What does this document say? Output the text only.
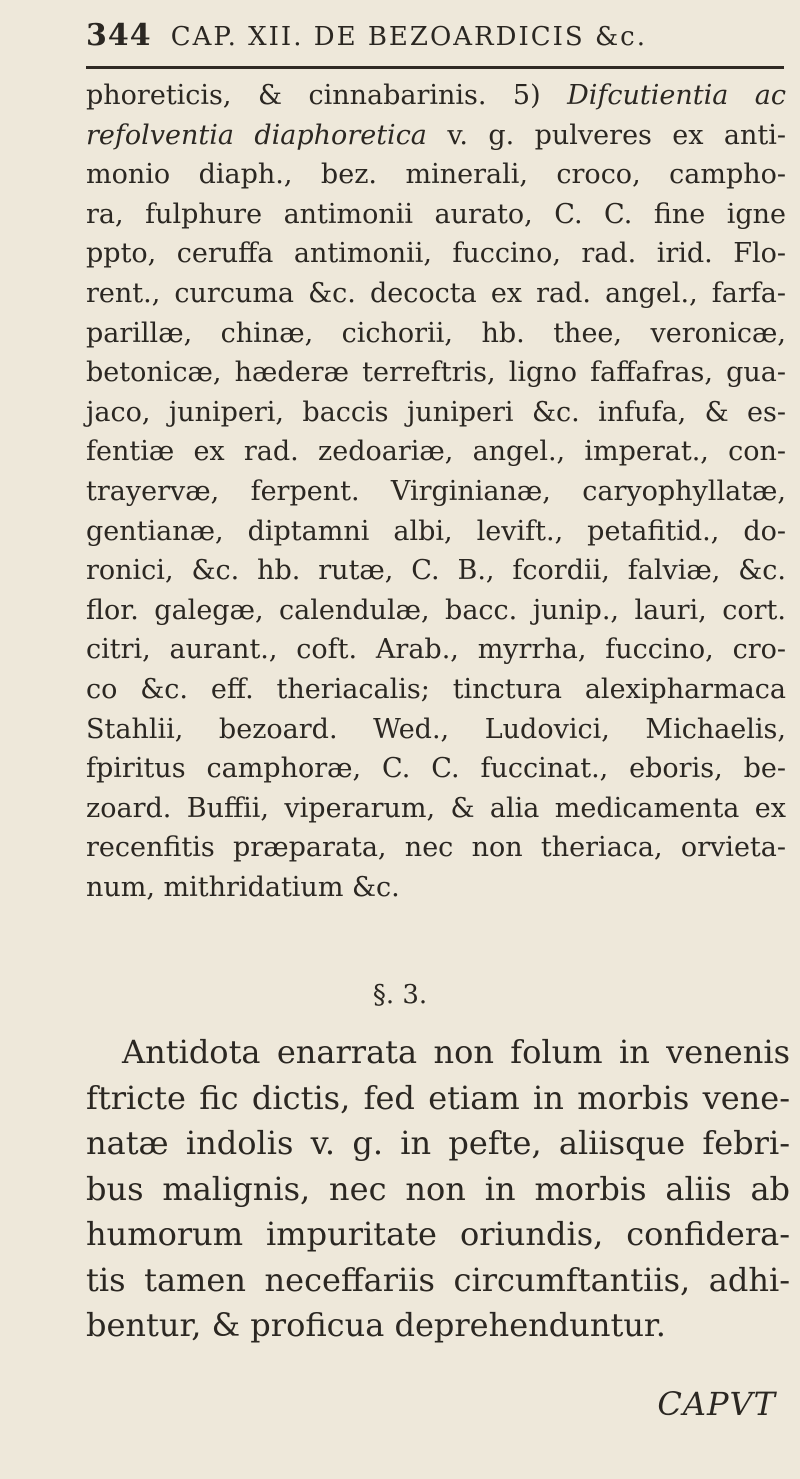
344 CAP. XII. DE BEZOARDICIS &c.
phoreticis, & cinnabarinis. 5) Difcutientia ac
refolventia diaphoretica v. g. pulveres ex anti-
monio diaph., bez. minerali, croco, campho-
ra, fulphure antimonii aurato, C. C. fine igne
ppto, ceruffa antimonii, fuccino, rad. irid. Flo-
rent., curcuma &c. decocta ex rad. angel., farfa-
parillæ, chinæ, cichorii, hb. thee, veronicæ,
betonicæ, hæderæ terreftris, ligno faffafras, gua-
jaco, juniperi, baccis juniperi &c. infufa, & es-
fentiæ ex rad. zedoariæ, angel., imperat., con-
trayervæ, ferpent. Virginianæ, caryophyllatæ,
gentianæ, diptamni albi, levift., petafitid., do-
ronici, &c. hb. rutæ, C. B., fcordii, falviæ, &c.
flor. galegæ, calendulæ, bacc. junip., lauri, cort.
citri, aurant., coft. Arab., myrrha, fuccino, cro-
co &c. eff. theriacalis; tinctura alexipharmaca
Stahlii, bezoard. Wed., Ludovici, Michaelis,
fpiritus camphoræ, C. C. fuccinat., eboris, be-
zoard. Buffii, viperarum, & alia medicamenta ex
recenfitis præparata, nec non theriaca, orvieta-
num, mithridatium &c.
§. 3.
Antidota enarrata non folum in venenis
ftricte fic dictis, fed etiam in morbis vene-
natæ indolis v. g. in pefte, aliisque febri-
bus malignis, nec non in morbis aliis ab
humorum impuritate oriundis, confidera-
tis tamen neceffariis circumftantiis, adhi-
bentur, & proficua deprehenduntur.
CAPVT
